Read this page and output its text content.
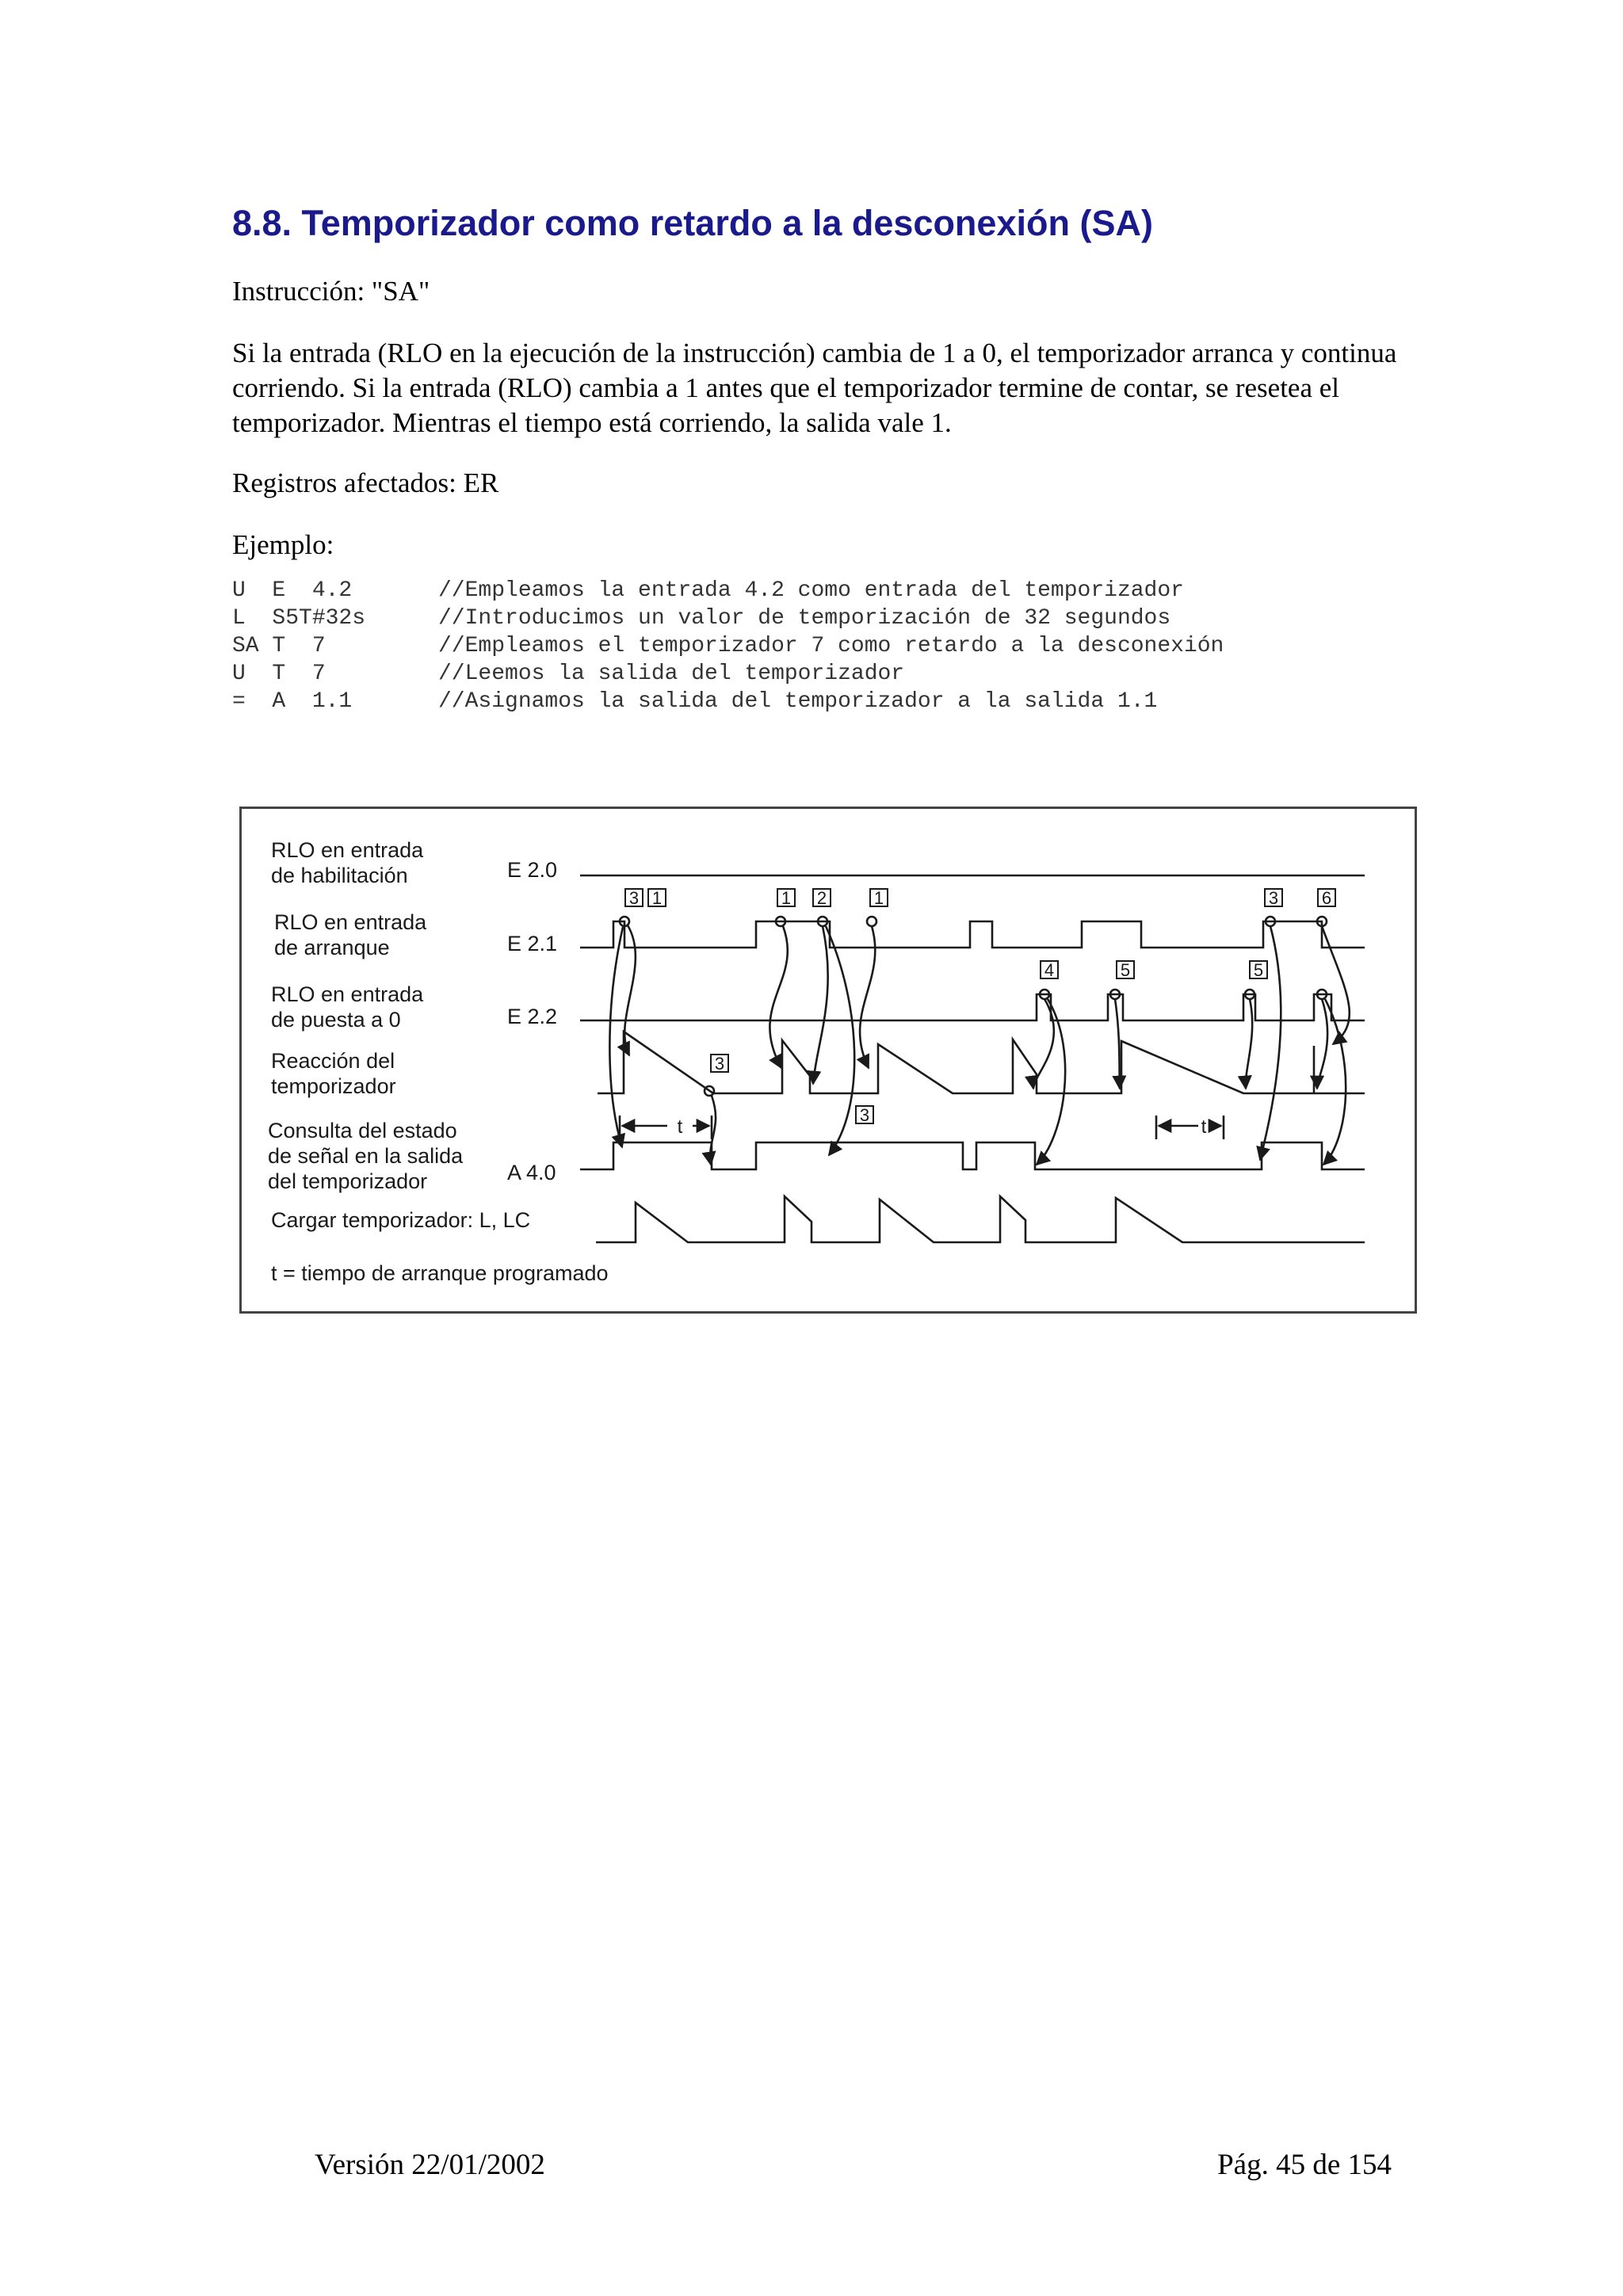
8.8. Temporizador como retardo a la desconexión (SA)

Instrucción: "SA"

Si la entrada (RLO en la ejecución de la instrucción) cambia de 1 a 0, el temporizador arranca y continua corriendo. Si la entrada (RLO) cambia a 1 antes que el temporizador termine de contar, se resetea el temporizador. Mientras el tiempo está corriendo, la salida vale 1.

Registros afectados: ER

Ejemplo:

U  E  4.2	//Empleamos la entrada 4.2 como entrada del temporizador
L  S5T#32s	//Introducimos un valor de temporización de 32 segundos
SA T  7	//Empleamos el temporizador 7 como retardo a la desconexión
U  T  7	//Leemos la salida del temporizador
=  A  1.1	//Asignamos la salida del temporizador a la salida 1.1
RLO en entrada
de habilitación
RLO en entrada
de arranque
RLO en entrada
de puesta a 0
Reacción del
temporizador
Consulta del estado
de señal en la salida
del temporizador
E 2.0
E 2.1
E 2.2
A 4.0
Cargar temporizador: L, LC
t = tiempo de arranque programado
3 1	1 2	1	3 6
4	5	5
3
3
t	t

Versión 22/01/2002	Pág. 45 de 154
